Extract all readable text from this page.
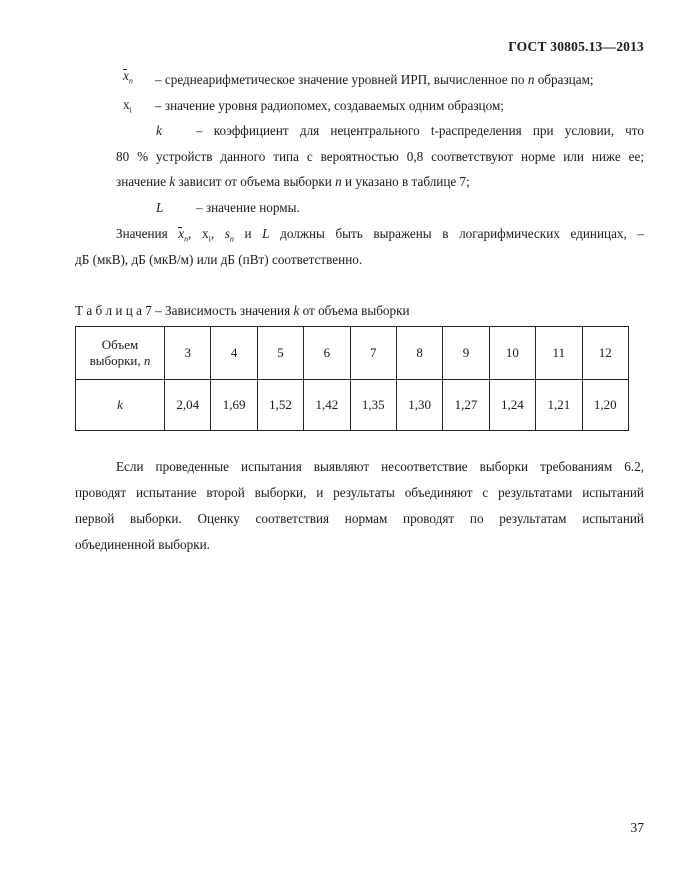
ГОСТ 30805.13—2013
$x_n$ – среднеарифметическое значение уровней ИРП, вычисленное по n образцам;
$x_i$ – значение уровня радиопомех, создаваемых одним образцом;
k	– коэффициент для нецентрального t-распределения при условии, что
80 % устройств данного типа с вероятностью 0,8 соответствуют норме или ниже ее;
значение k зависит от объема выборки n и указано в таблице 7;
L – значение нормы.
Значения $x_n$, $x_i$, $s_n$ и L должны быть выражены в логарифмических единицах, –
дБ (мкВ), дБ (мкВ/м) или дБ (пВт) соответственно.
Т а б л и ц а 7 – Зависимость значения k от объема выборки
Объем
выборки, n	3	4	5	6	7	8	9	10	11	12
k	2,04	1,69	1,52	1,42	1,35	1,30	1,27	1,24	1,21	1,20
Если проведенные испытания выявляют несоответствие выборки требованиям 6.2,
проводят испытание второй выборки, и результаты объединяют с результатами испытаний
первой выборки. Оценку соответствия нормам проводят по результатам испытаний
объединенной выборки.
37
